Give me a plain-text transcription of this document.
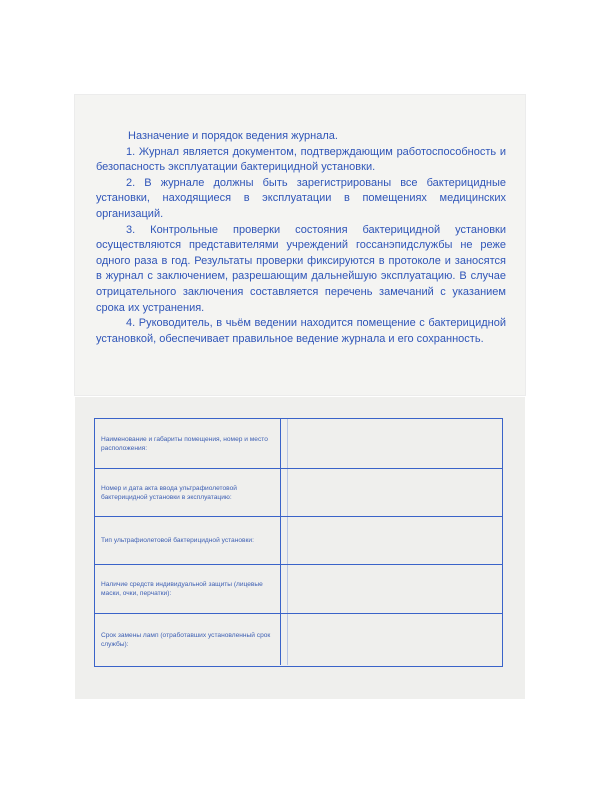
Назначение и порядок ведения журнала.

1. Журнал является документом, подтверждающим работоспособность и безопасность эксплуатации бактерицидной установки.

2. В журнале должны быть зарегистрированы все бактерицидные установки, находящиеся в эксплуатации в помещениях медицинских организаций.

3. Контрольные проверки состояния бактерицидной установки осуществляются представителями учреждений госсанэпидслужбы не реже одного раза в год. Результаты проверки фиксируются в протоколе и заносятся в журнал с заключением, разрешающим дальнейшую эксплуатацию. В случае отрицательного заключения составляется перечень замечаний с указанием срока их устранения.

4. Руководитель, в чьём ведении находится помещение с бактерицидной установкой, обеспечивает правильное ведение журнала и его сохранность.

Наименование и габариты помещения, номер и место расположения:
Номер и дата акта ввода ультрафиолетовой бактерицидной установки в эксплуатацию:
Тип ультрафиолетовой бактерицидной установки:
Наличие средств индивидуальной защиты (лицевые маски, очки, перчатки):
Срок замены ламп (отработавших установленный срок службы):
